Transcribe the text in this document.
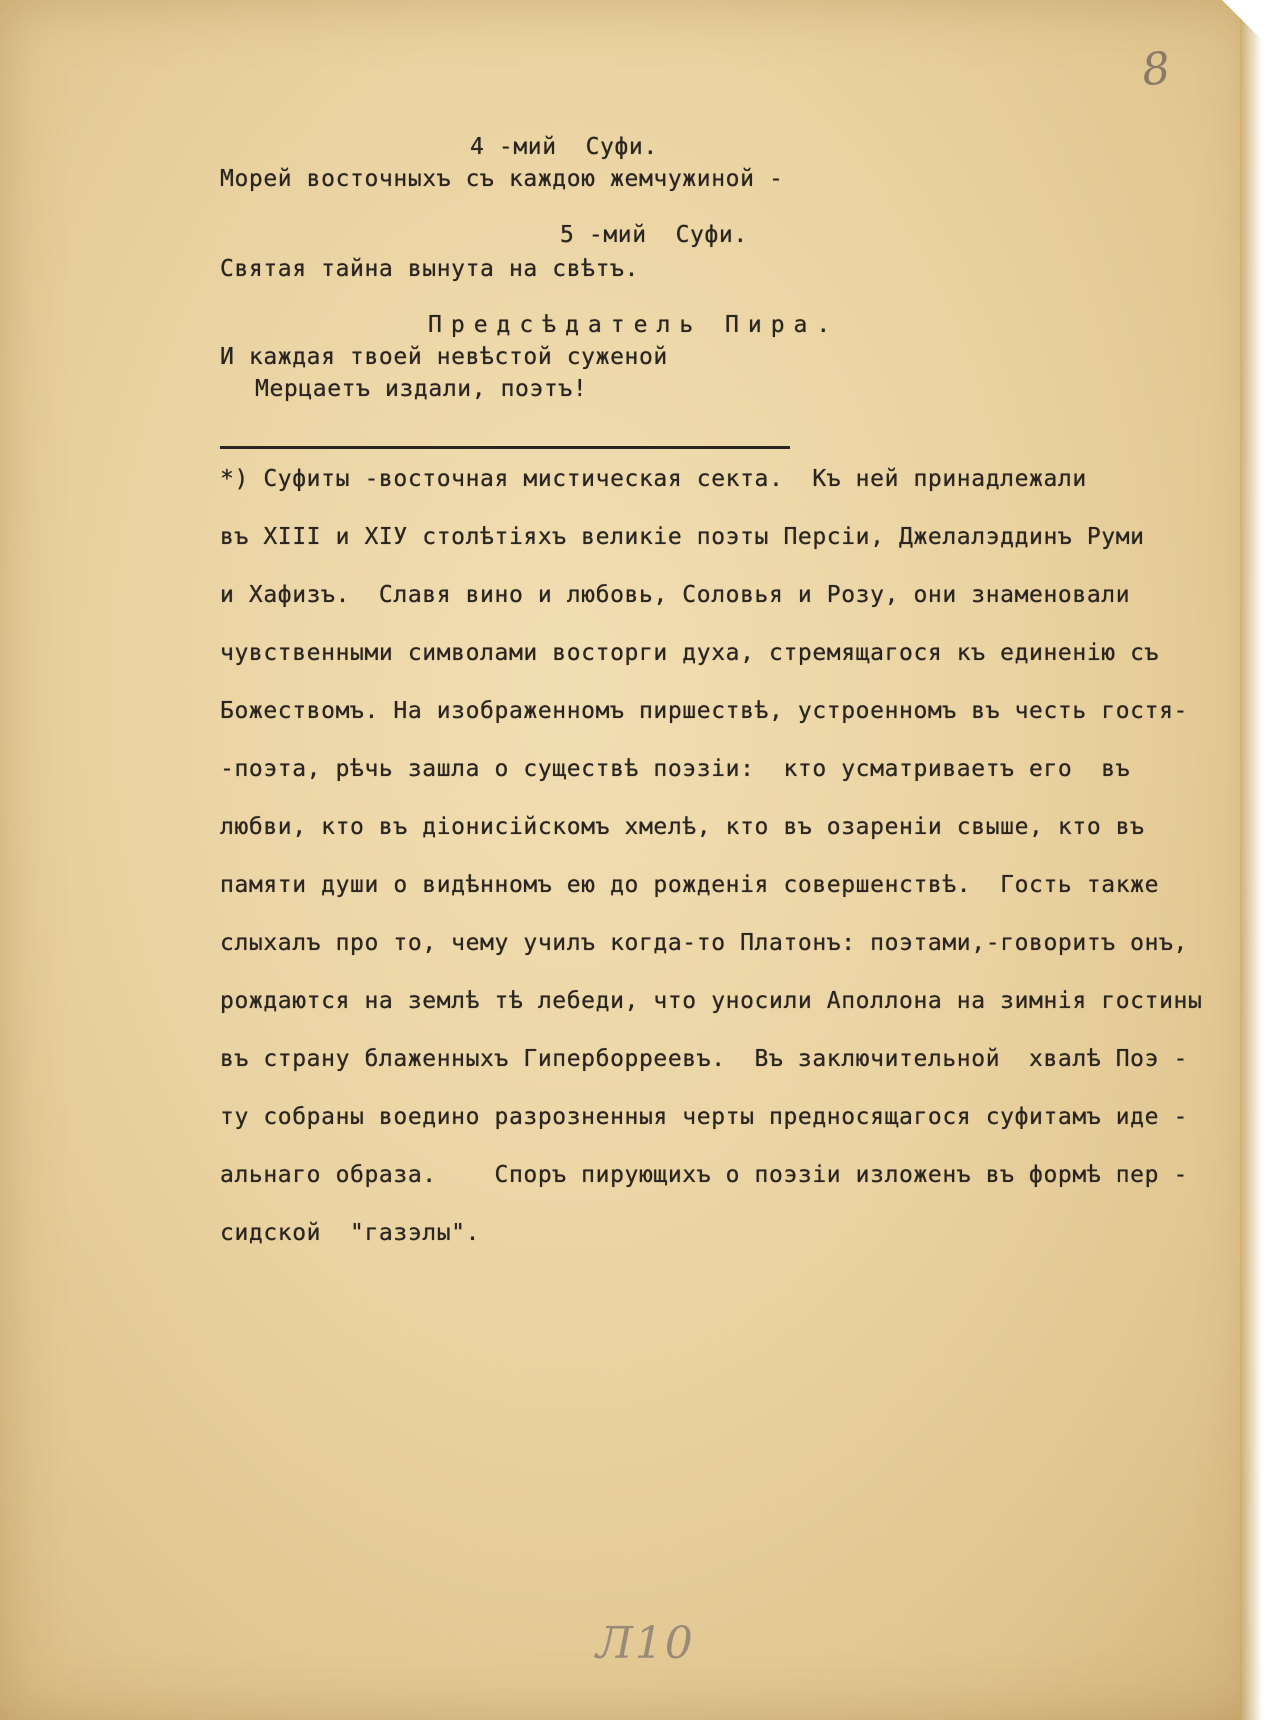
8
4 -мий  Суфи.
Морей восточныхъ съ каждою жемчужиной -
5 -мий  Суфи.
Святая тайна вынута на свѣтъ.
Предсѣдатель Пира.
И каждая твоей невѣстой суженой
Мерцаетъ издали, поэтъ!
*) Суфиты -восточная мистическая секта.  Къ ней принадлежали
въ XIII и XIУ столѣтіяхъ великіе поэты Персіи, Джелалэддинъ Руми
и Хафизъ.  Славя вино и любовь, Соловья и Розу, они знаменовали
чувственными символами восторги духа, стремящагося къ единенію съ
Божествомъ. На изображенномъ пиршествѣ, устроенномъ въ честь гостя-
-поэта, рѣчь зашла о существѣ поэзіи:  кто усматриваетъ его  въ
любви, кто въ діонисійскомъ хмелѣ, кто въ озареніи свыше, кто въ
памяти души о видѣнномъ ею до рожденія совершенствѣ.  Гость также
слыхалъ про то, чему училъ когда-то Платонъ: поэтами,-говоритъ онъ,
рождаются на землѣ тѣ лебеди, что уносили Аполлона на зимнія гостины
въ страну блаженныхъ Гиперборреевъ.  Въ заключительной  хвалѣ Поэ -
ту собраны воедино разрозненныя черты предносящагося суфитамъ иде -
альнаго образа.    Споръ пирующихъ о поэзіи изложенъ въ формѣ пер -
сидской  "газэлы".
Л10
